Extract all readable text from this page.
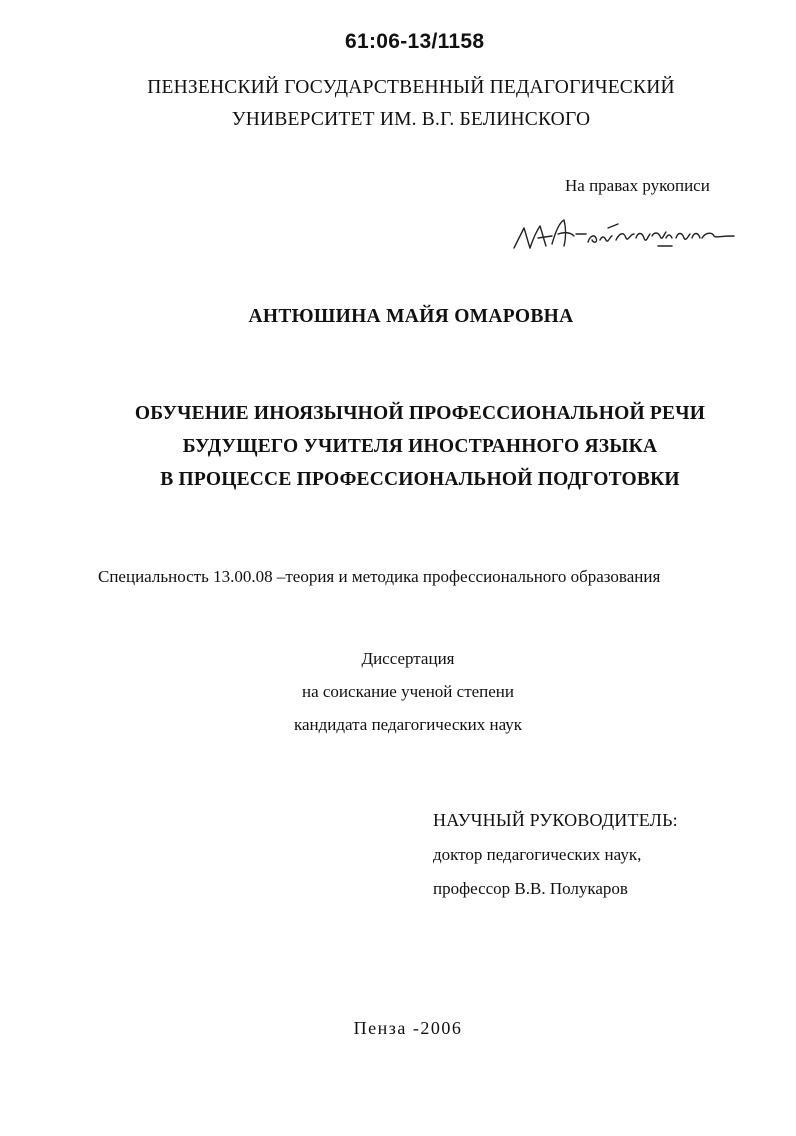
61:06-13/1158
ПЕНЗЕНСКИЙ ГОСУДАРСТВЕННЫЙ ПЕДАГОГИЧЕСКИЙ
УНИВЕРСИТЕТ ИМ. В.Г. БЕЛИНСКОГО
На правах рукописи
АНТЮШИНА МАЙЯ ОМАРОВНА
ОБУЧЕНИЕ ИНОЯЗЫЧНОЙ ПРОФЕССИОНАЛЬНОЙ РЕЧИ
БУДУЩЕГО УЧИТЕЛЯ ИНОСТРАННОГО ЯЗЫКА
В ПРОЦЕССЕ ПРОФЕССИОНАЛЬНОЙ ПОДГОТОВКИ
Специальность 13.00.08 –теория и методика профессионального образования
Диссертация
на соискание ученой степени
кандидата педагогических наук
НАУЧНЫЙ РУКОВОДИТЕЛЬ:
доктор педагогических наук,
профессор В.В. Полукаров
Пенза -2006
